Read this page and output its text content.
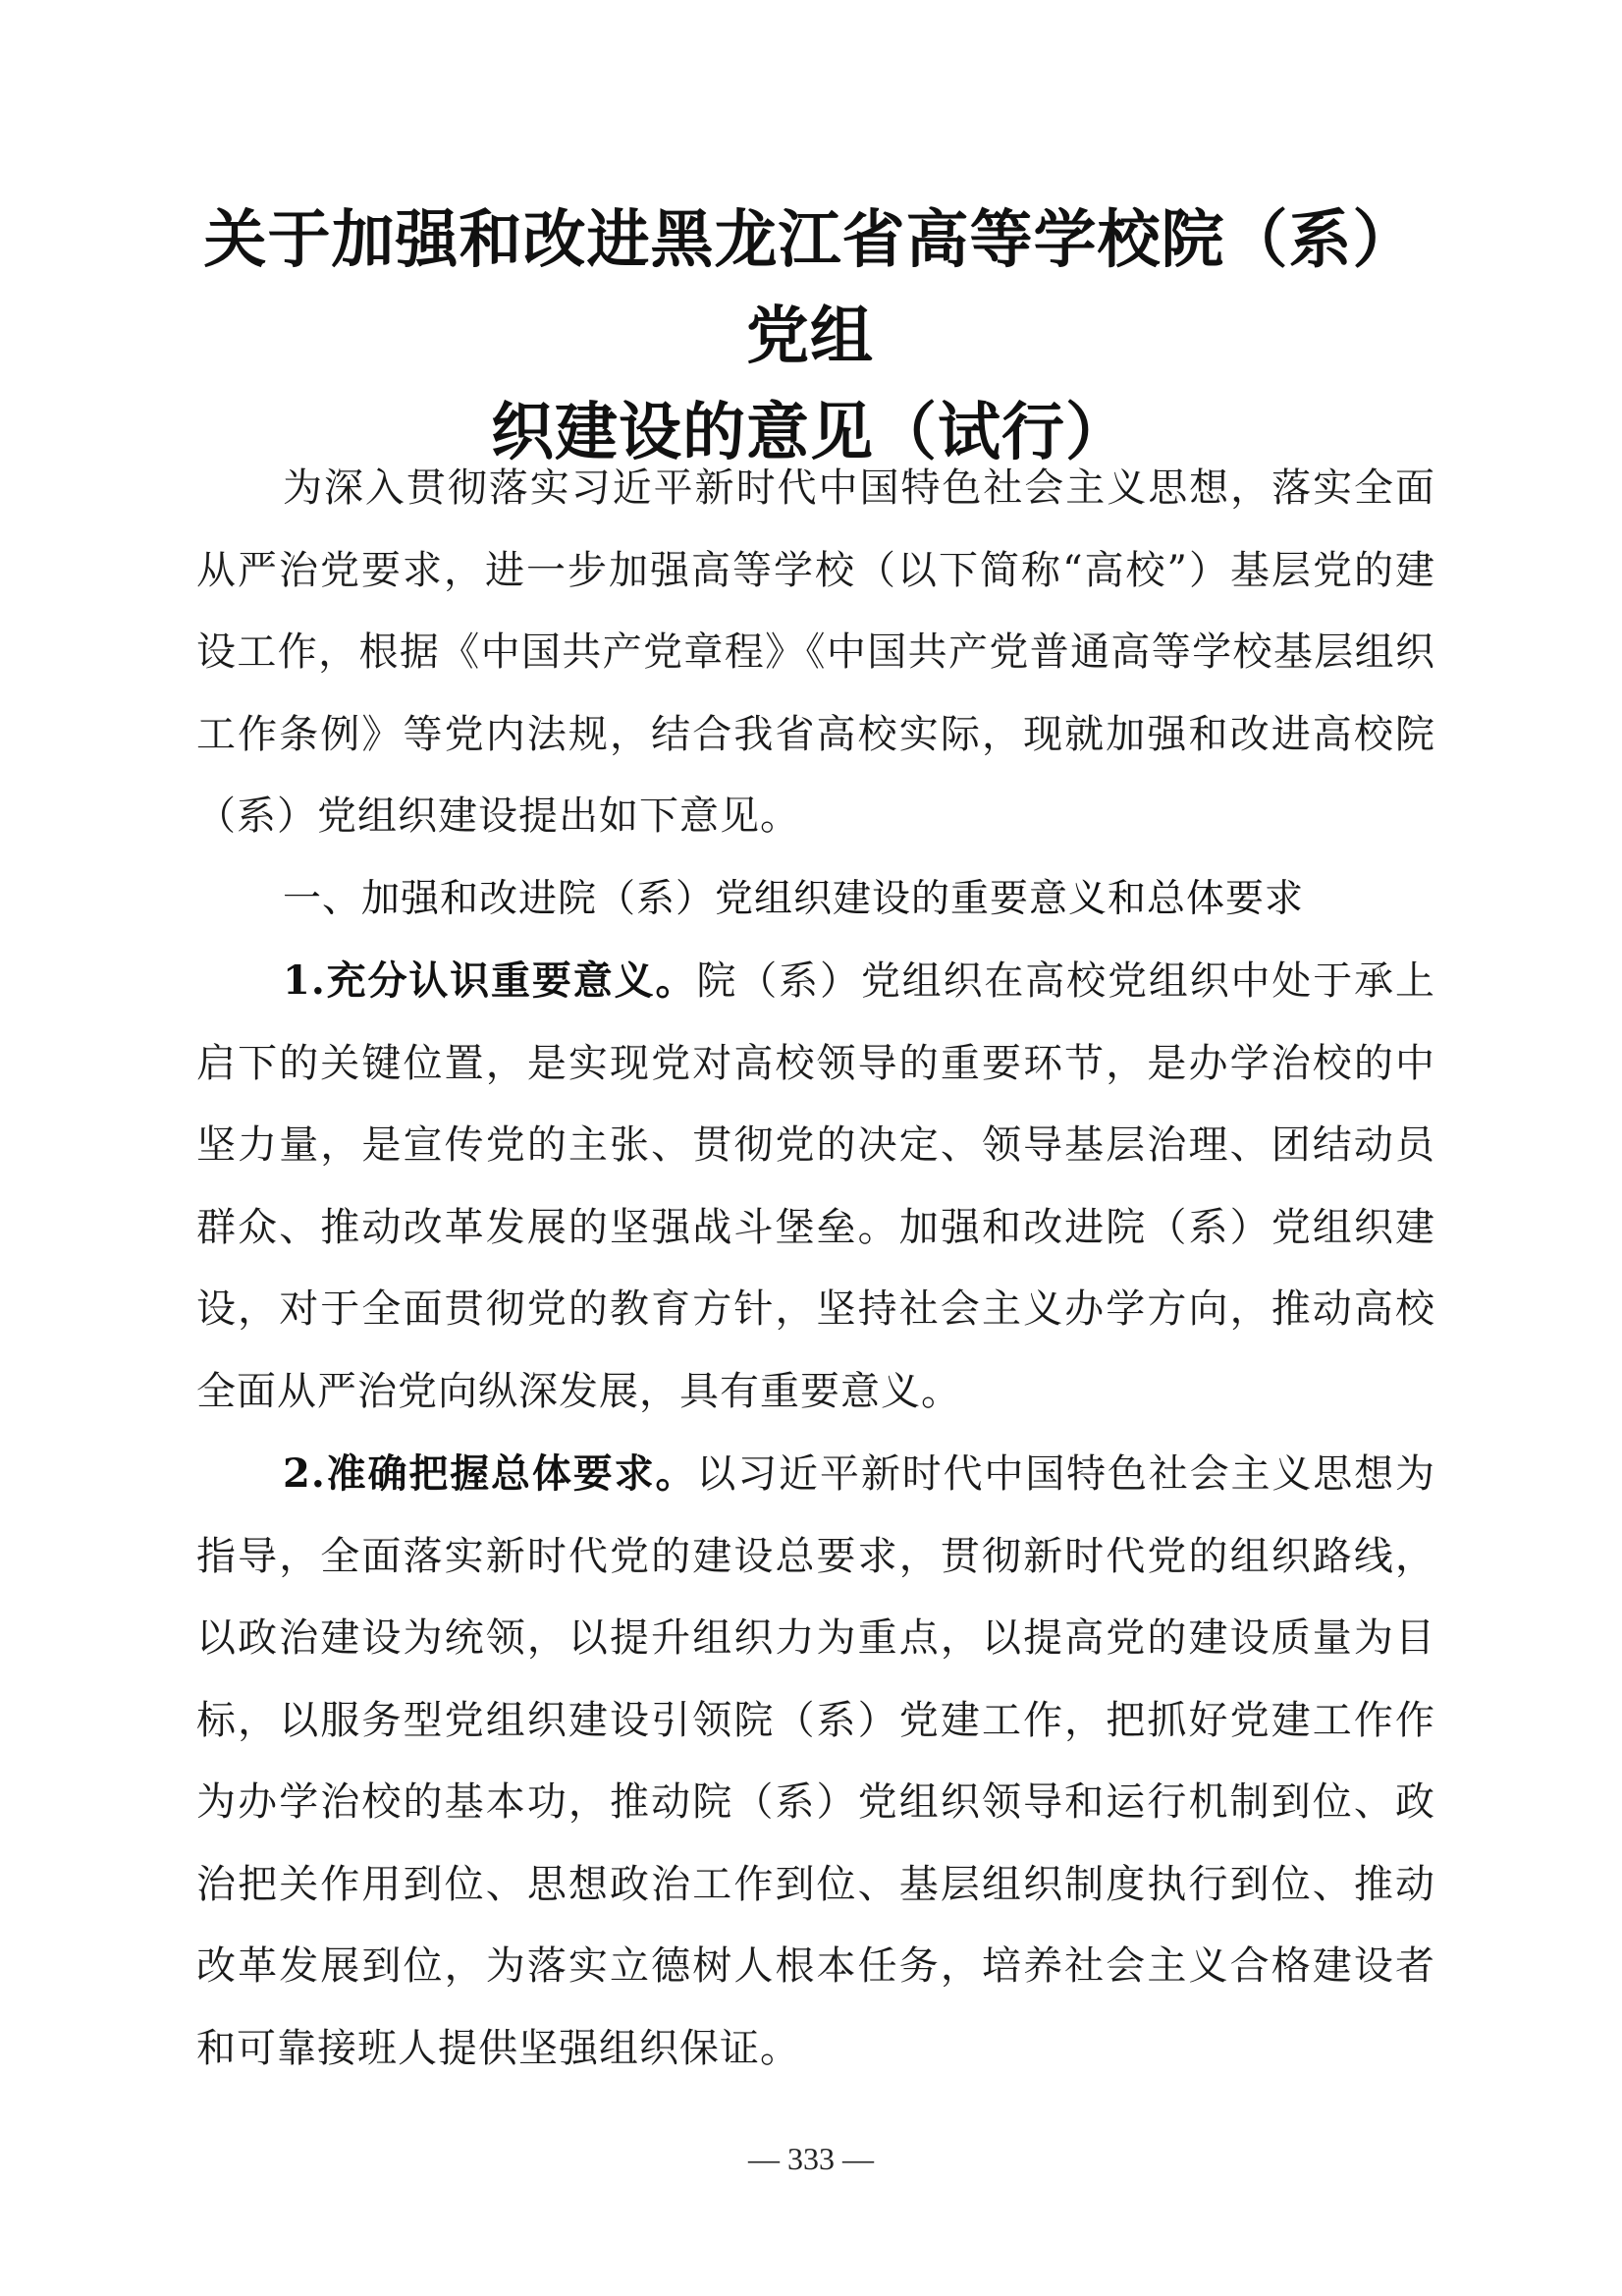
关于加强和改进黑龙江省高等学校院（系）党组
织建设的意见（试行）

为深入贯彻落实习近平新时代中国特色社会主义思想，落实全面从严治党要求，进一步加强高等学校（以下简称“高校”）基层党的建设工作，根据《中国共产党章程》《中国共产党普通高等学校基层组织工作条例》等党内法规，结合我省高校实际，现就加强和改进高校院（系）党组织建设提出如下意见。

一、加强和改进院（系）党组织建设的重要意义和总体要求

1.充分认识重要意义。院（系）党组织在高校党组织中处于承上启下的关键位置，是实现党对高校领导的重要环节，是办学治校的中坚力量，是宣传党的主张、贯彻党的决定、领导基层治理、团结动员群众、推动改革发展的坚强战斗堡垒。加强和改进院（系）党组织建设，对于全面贯彻党的教育方针，坚持社会主义办学方向，推动高校全面从严治党向纵深发展，具有重要意义。

2.准确把握总体要求。以习近平新时代中国特色社会主义思想为指导，全面落实新时代党的建设总要求，贯彻新时代党的组织路线，以政治建设为统领，以提升组织力为重点，以提高党的建设质量为目标，以服务型党组织建设引领院（系）党建工作，把抓好党建工作作为办学治校的基本功，推动院（系）党组织领导和运行机制到位、政治把关作用到位、思想政治工作到位、基层组织制度执行到位、推动改革发展到位，为落实立德树人根本任务，培养社会主义合格建设者和可靠接班人提供坚强组织保证。

— 333 —
